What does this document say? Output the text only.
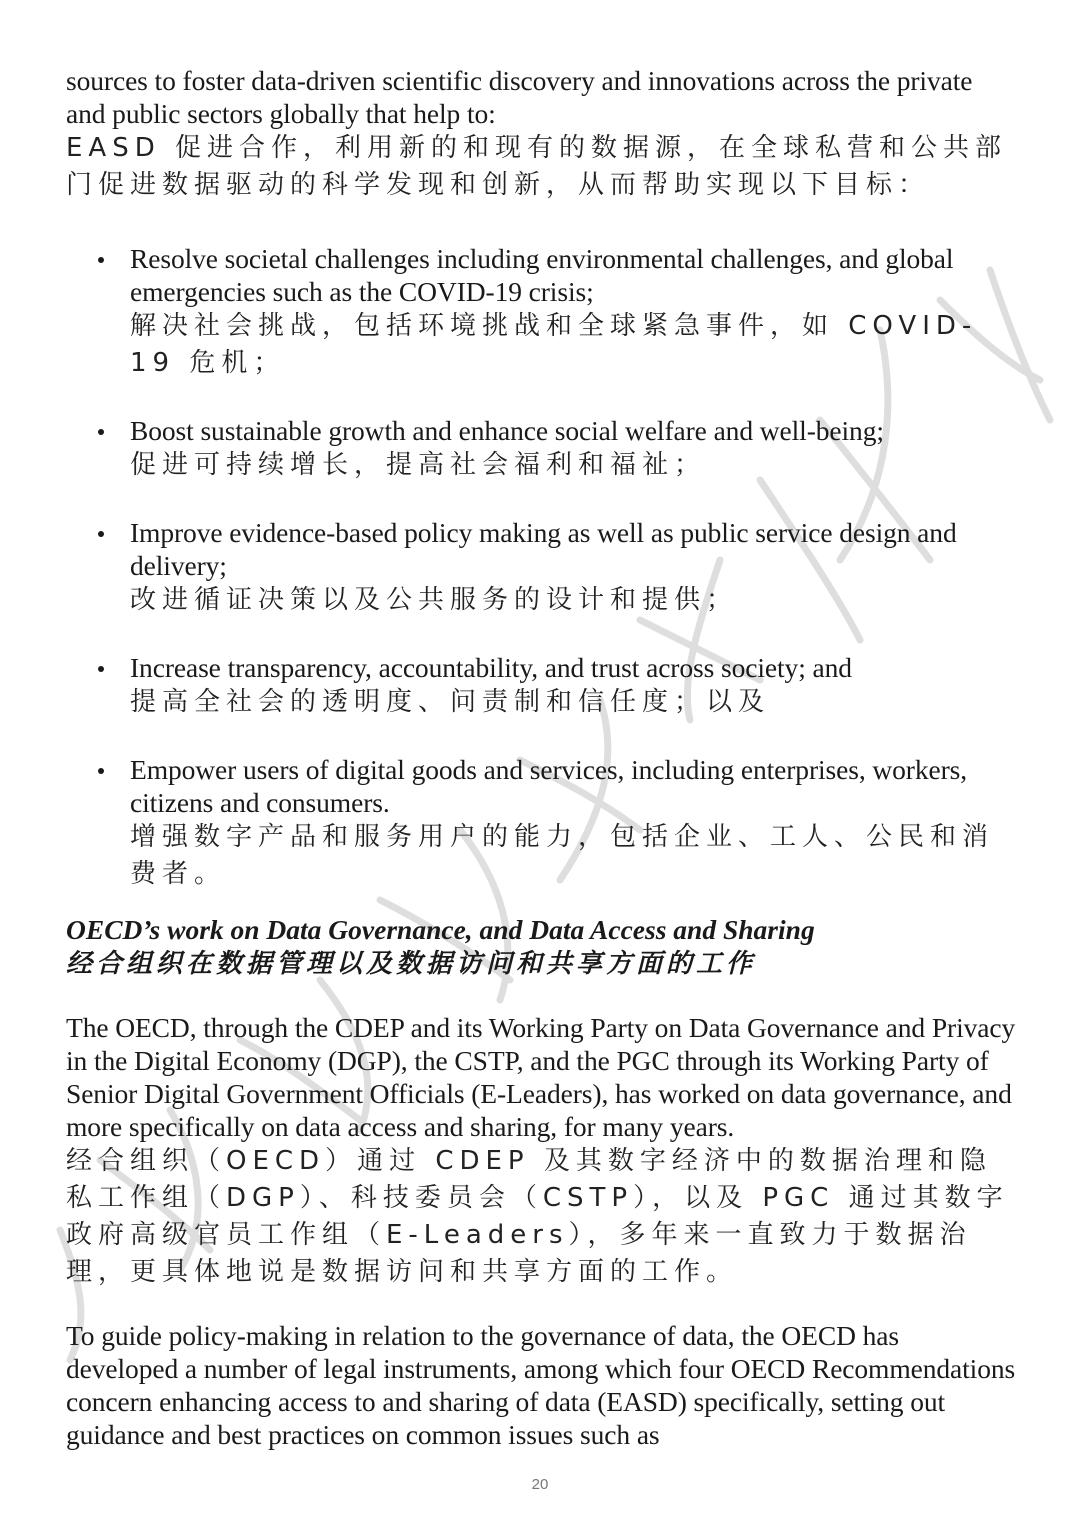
sources to foster data-driven scientific discovery and innovations across the private and public sectors globally that help to:

EASD 促进合作，利用新的和现有的数据源，在全球私营和公共部门促进数据驱动的科学发现和创新，从而帮助实现以下目标：

Resolve societal challenges including environmental challenges, and global emergencies such as the COVID-19 crisis;

解决社会挑战，包括环境挑战和全球紧急事件，如 COVID-19 危机；

Boost sustainable growth and enhance social welfare and well-being;

促进可持续增长，提高社会福利和福祉；

Improve evidence-based policy making as well as public service design and delivery;

改进循证决策以及公共服务的设计和提供；

Increase transparency, accountability, and trust across society; and

提高全社会的透明度、问责制和信任度；以及

Empower users of digital goods and services, including enterprises, workers, citizens and consumers.

增强数字产品和服务用户的能力，包括企业、工人、公民和消费者。

OECD’s work on Data Governance, and Data Access and Sharing
经合组织在数据管理以及数据访问和共享方面的工作

The OECD, through the CDEP and its Working Party on Data Governance and Privacy in the Digital Economy (DGP), the CSTP, and the PGC through its Working Party of Senior Digital Government Officials (E-Leaders), has worked on data governance, and more specifically on data access and sharing, for many years.

经合组织（OECD）通过 CDEP 及其数字经济中的数据治理和隐私工作组（DGP）、科技委员会（CSTP），以及 PGC 通过其数字政府高级官员工作组（E-Leaders），多年来一直致力于数据治理，更具体地说是数据访问和共享方面的工作。

To guide policy-making in relation to the governance of data, the OECD has developed a number of legal instruments, among which four OECD Recommendations concern enhancing access to and sharing of data (EASD) specifically, setting out guidance and best practices on common issues such as

20
